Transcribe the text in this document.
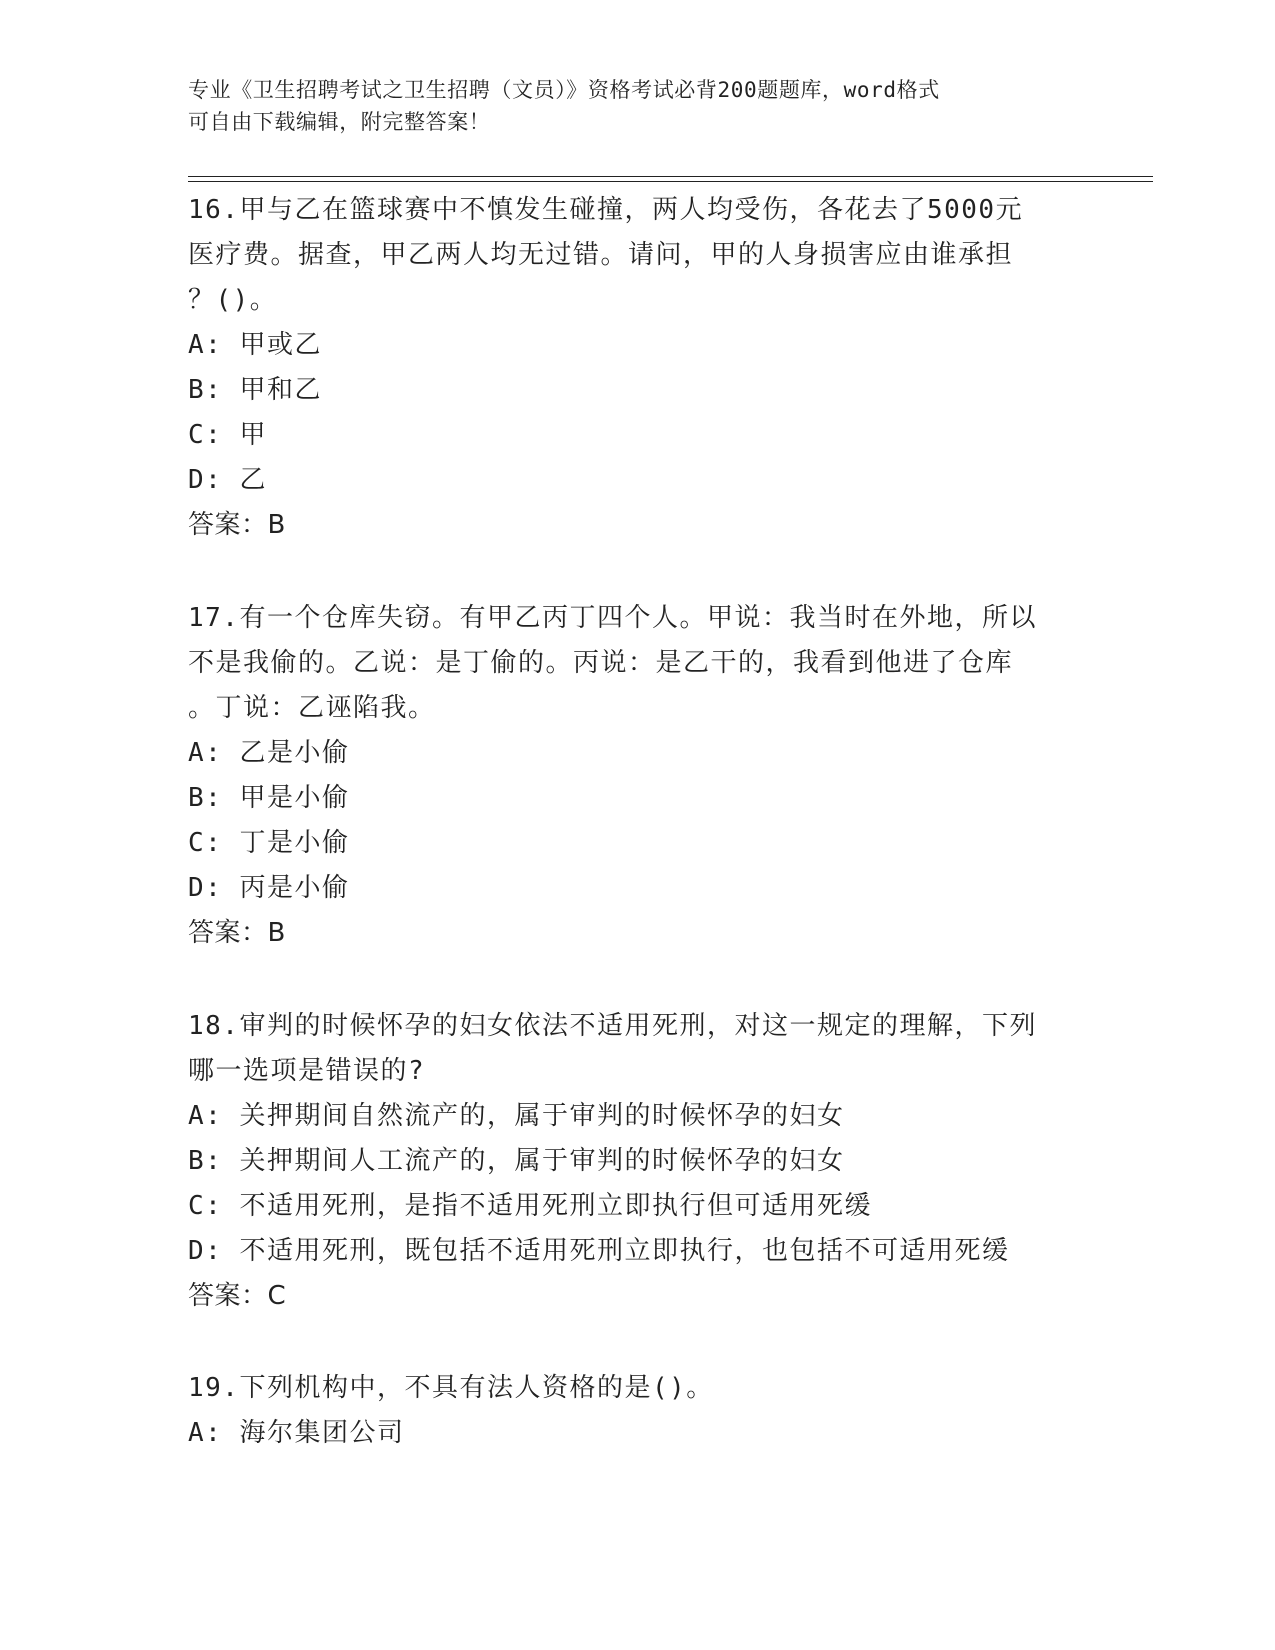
专业《卫生招聘考试之卫生招聘（文员）》资格考试必背200题题库，word格式
可自由下载编辑，附完整答案！
16.甲与乙在篮球赛中不慎发生碰撞，两人均受伤，各花去了5000元
医疗费。据查，甲乙两人均无过错。请问，甲的人身损害应由谁承担
？()。
A: 甲或乙
B: 甲和乙
C: 甲
D: 乙
答案：B
17.有一个仓库失窃。有甲乙丙丁四个人。甲说：我当时在外地，所以
不是我偷的。乙说：是丁偷的。丙说：是乙干的，我看到他进了仓库
。丁说：乙诬陷我。
A: 乙是小偷
B: 甲是小偷
C: 丁是小偷
D: 丙是小偷
答案：B
18.审判的时候怀孕的妇女依法不适用死刑，对这一规定的理解，下列
哪一选项是错误的?
A: 关押期间自然流产的，属于审判的时候怀孕的妇女
B: 关押期间人工流产的，属于审判的时候怀孕的妇女
C: 不适用死刑，是指不适用死刑立即执行但可适用死缓
D: 不适用死刑，既包括不适用死刑立即执行，也包括不可适用死缓
答案：C
19.下列机构中，不具有法人资格的是()。
A: 海尔集团公司
